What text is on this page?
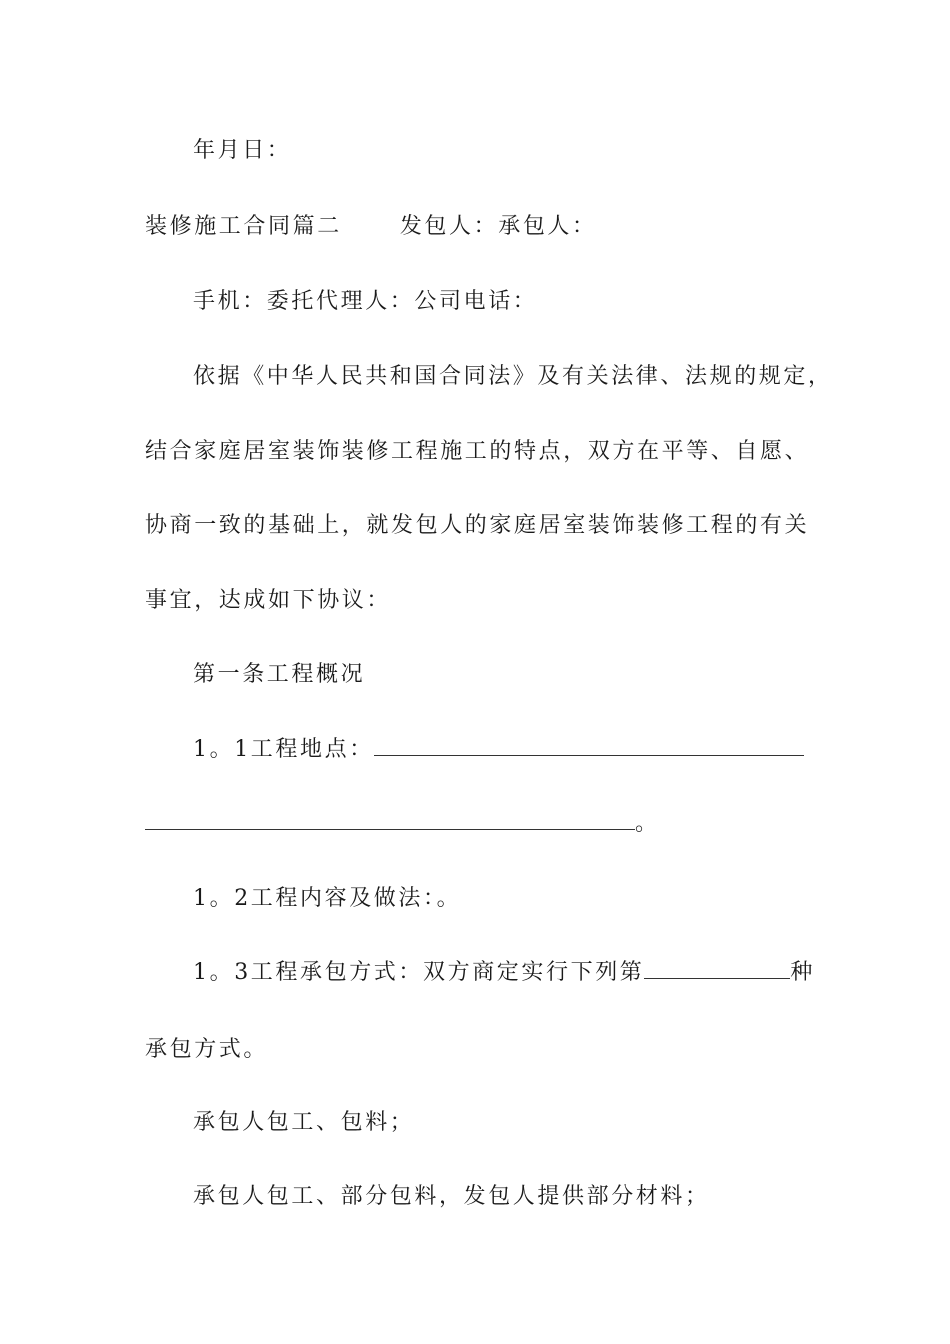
年月日：
装修施工合同篇二	发包人：承包人：
手机：委托代理人：公司电话：
依据《中华人民共和国合同法》及有关法律、法规的规定，
结合家庭居室装饰装修工程施工的特点，双方在平等、自愿、
协商一致的基础上，就发包人的家庭居室装饰装修工程的有关
事宜，达成如下协议：
第一条工程概况
1。1工程地点：
。
1。2工程内容及做法：。
1。3工程承包方式：双方商定实行下列第	种
承包方式。
承包人包工、包料；
承包人包工、部分包料，发包人提供部分材料；
